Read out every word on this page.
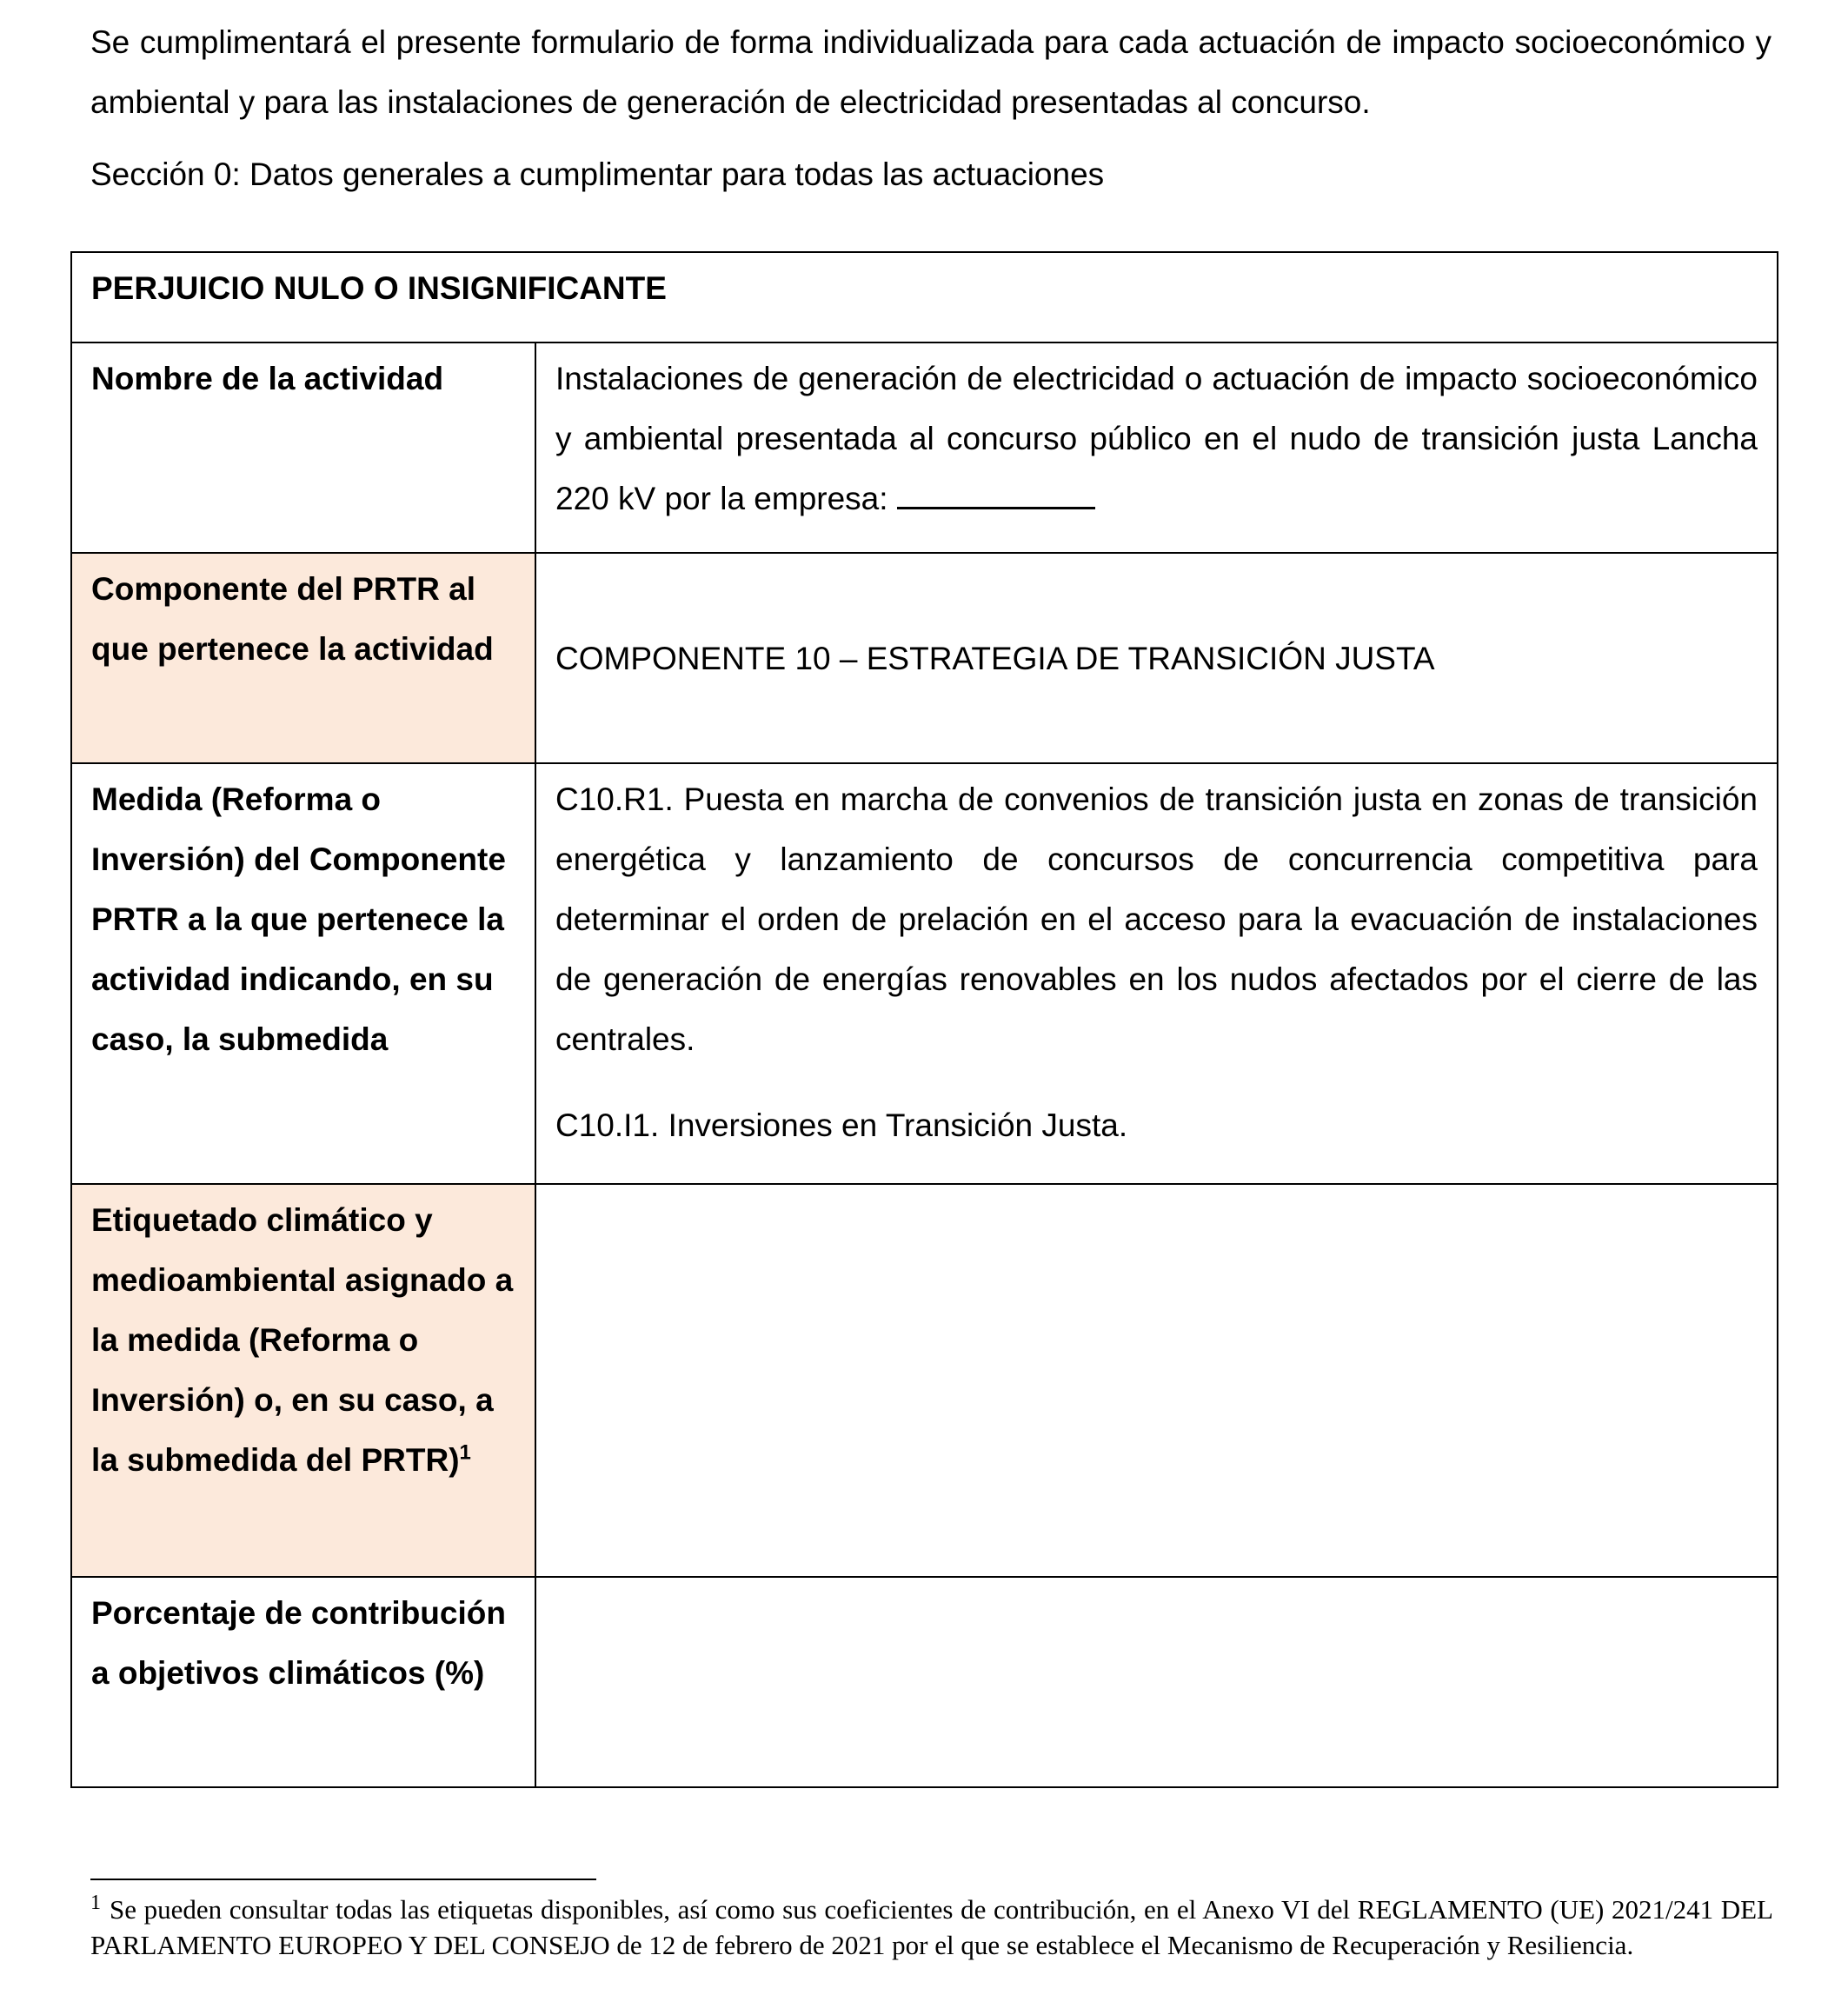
Se cumplimentará el presente formulario de forma individualizada para cada actuación de impacto socioeconómico y ambiental y para las instalaciones de generación de electricidad presentadas al concurso.

Sección 0: Datos generales a cumplimentar para todas las actuaciones

PERJUICIO NULO O INSIGNIFICANTE	
Nombre de la actividad	Instalaciones de generación de electricidad o actuación de impacto socioeconómico y ambiental presentada al concurso público en el nudo de transición justa Lancha 220 kV por la empresa:
Componente del PRTR al que pertenece la actividad	COMPONENTE 10 – ESTRATEGIA DE TRANSICIÓN JUSTA
Medida (Reforma o Inversión) del Componente PRTR a la que pertenece la actividad indicando, en su caso, la submedida	C10.R1. Puesta en marcha de convenios de transición justa en zonas de transición energética y lanzamiento de concursos de concurrencia competitiva para determinar el orden de prelación en el acceso para la evacuación de instalaciones de generación de energías renovables en los nudos afectados por el cierre de las centrales.

C10.I1. Inversiones en Transición Justa.

Etiquetado climático y medioambiental asignado a la medida (Reforma o Inversión) o, en su caso, a la submedida del PRTR)$^1$	
Porcentaje de contribución a objetivos climáticos (%)	

$^1$ Se pueden consultar todas las etiquetas disponibles, así como sus coeficientes de contribución, en el Anexo VI del REGLAMENTO (UE) 2021/241 DEL PARLAMENTO EUROPEO Y DEL CONSEJO de 12 de febrero de 2021 por el que se establece el Mecanismo de Recuperación y Resiliencia.
